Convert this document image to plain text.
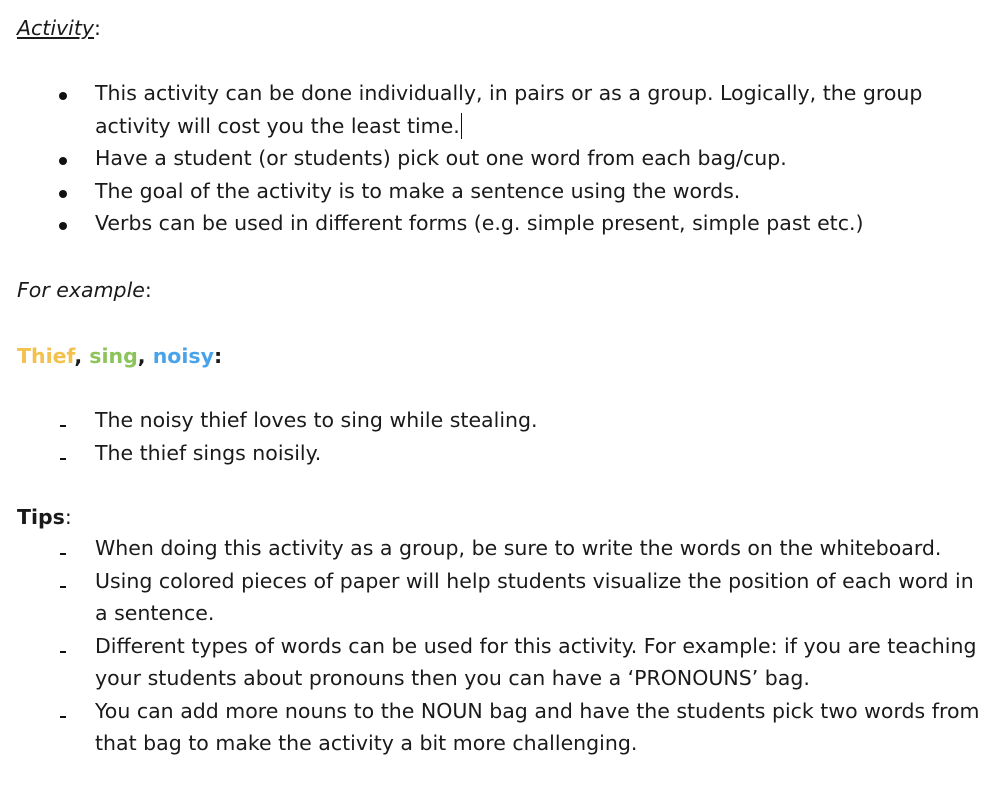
Activity:
This activity can be done individually, in pairs or as a group. Logically, the group activity will cost you the least time.
Have a student (or students) pick out one word from each bag/cup.
The goal of the activity is to make a sentence using the words.
Verbs can be used in different forms (e.g. simple present, simple past etc.)
For example:
Thief, sing, noisy:
The noisy thief loves to sing while stealing.
The thief sings noisily.
Tips:
When doing this activity as a group, be sure to write the words on the whiteboard.
Using colored pieces of paper will help students visualize the position of each word in a sentence.
Different types of words can be used for this activity. For example: if you are teaching your students about pronouns then you can have a ‘PRONOUNS’ bag.
You can add more nouns to the NOUN bag and have the students pick two words from that bag to make the activity a bit more challenging.
